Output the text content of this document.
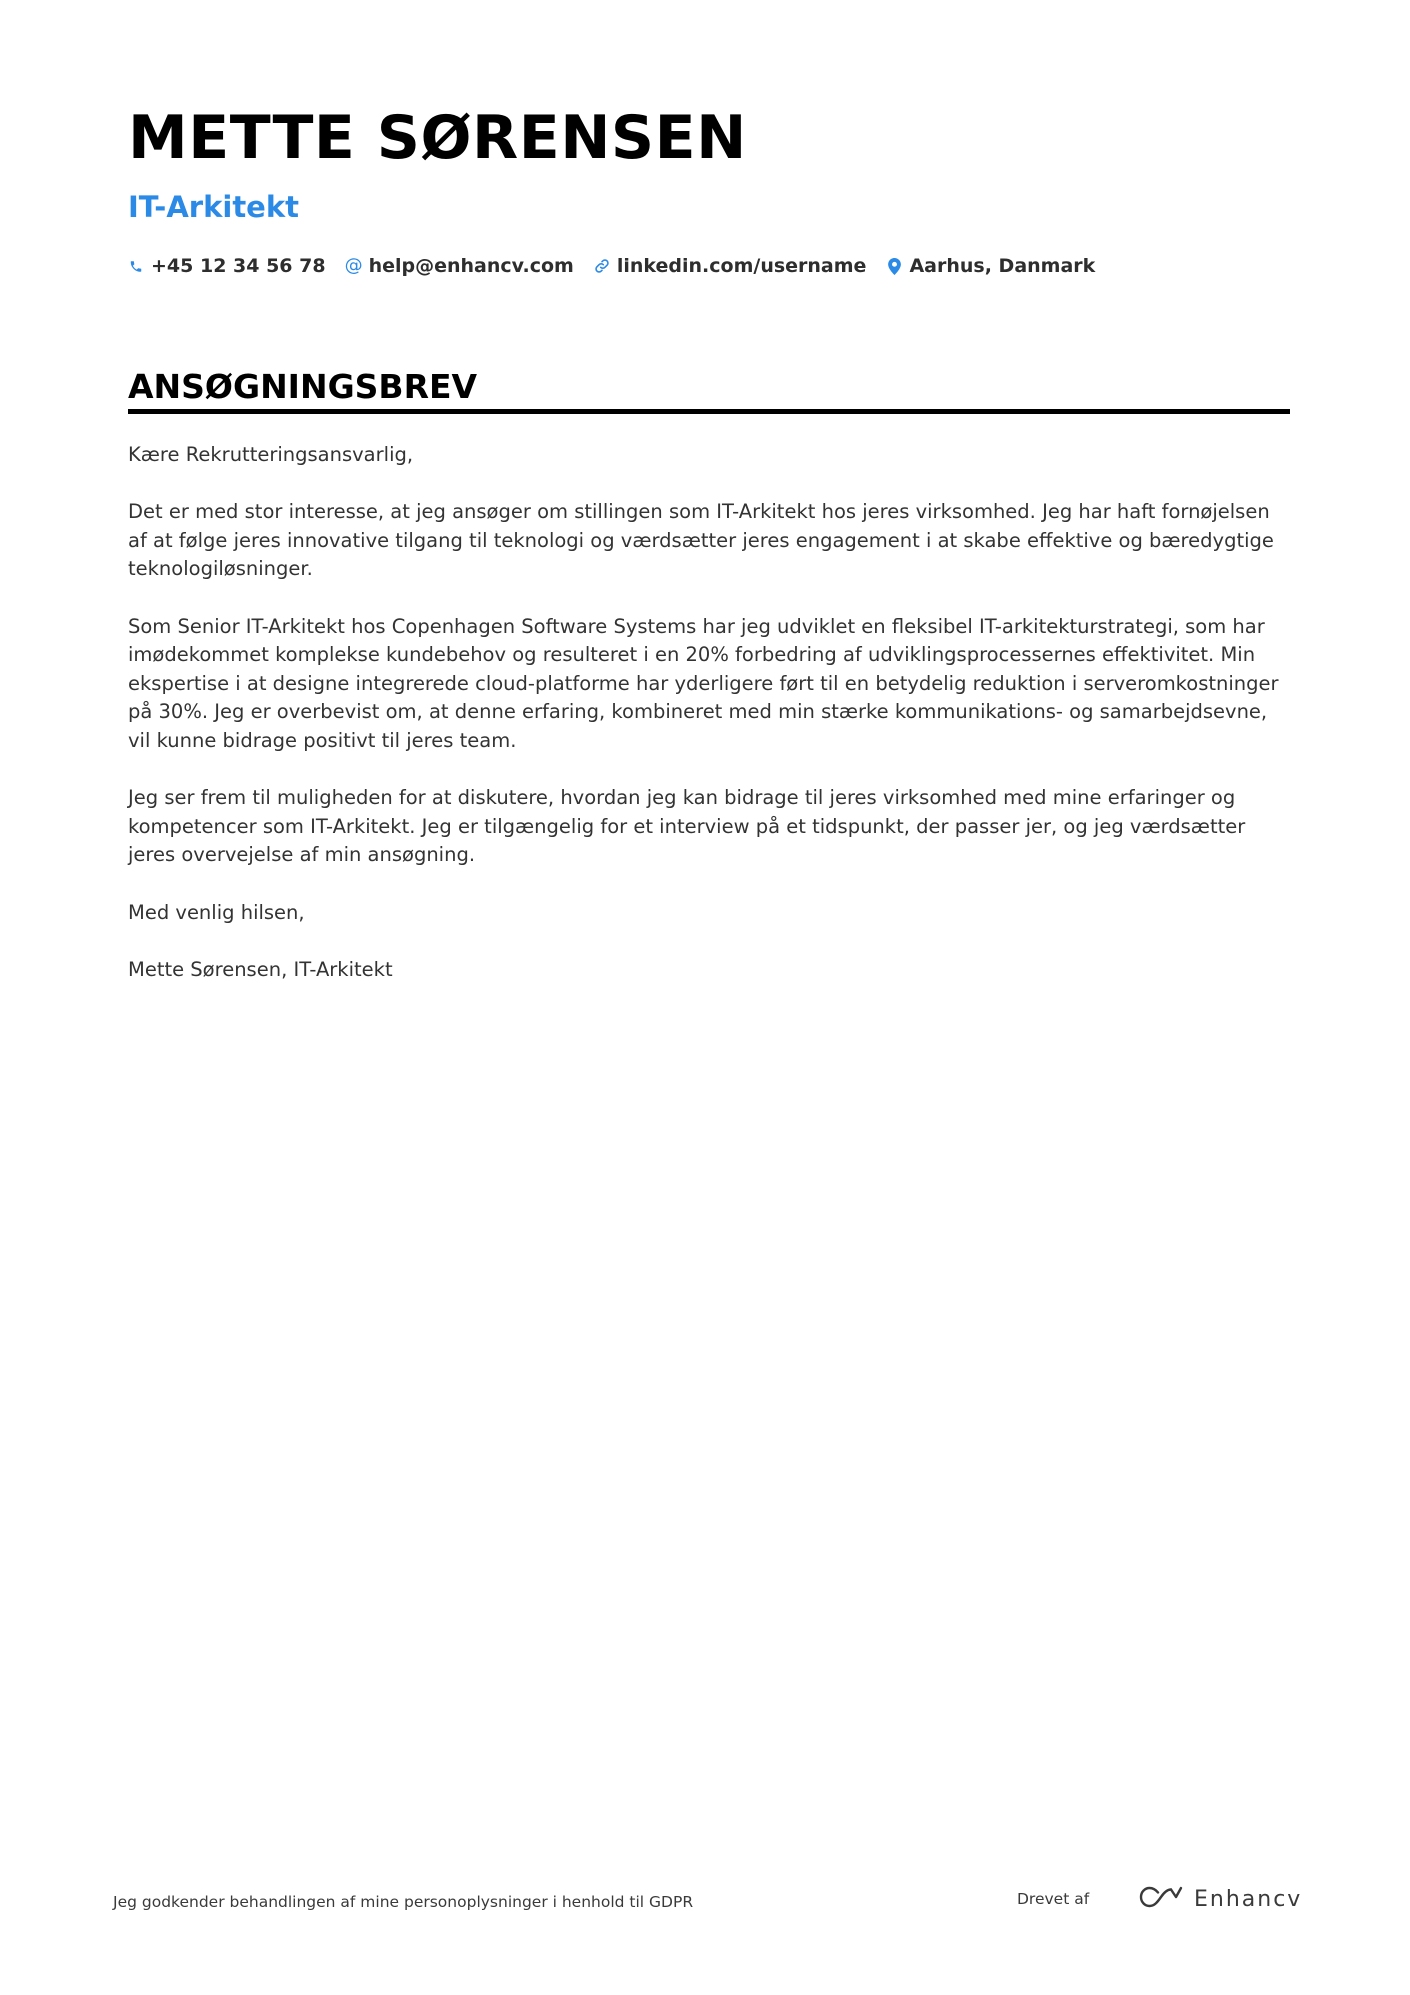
METTE SØRENSEN
IT-Arkitekt
+45 12 34 56 78 @ help@enhancv.com linkedin.com/username Aarhus, Danmark
ANSØGNINGSBREV

Kære Rekrutteringsansvarlig,

Det er med stor interesse, at jeg ansøger om stillingen som IT-Arkitekt hos jeres virksomhed. Jeg har haft fornøjelsen af at følge jeres innovative tilgang til teknologi og værdsætter jeres engagement i at skabe effektive og bæredygtige teknologiløsninger.

Som Senior IT-Arkitekt hos Copenhagen Software Systems har jeg udviklet en fleksibel IT-arkitekturstrategi, som har imødekommet komplekse kundebehov og resulteret i en 20% forbedring af udviklingsprocessernes effektivitet. Min ekspertise i at designe integrerede cloud-platforme har yderligere ført til en betydelig reduktion i serveromkostninger på 30%. Jeg er overbevist om, at denne erfaring, kombineret med min stærke kommunikations- og samarbejdsevne, vil kunne bidrage positivt til jeres team.

Jeg ser frem til muligheden for at diskutere, hvordan jeg kan bidrage til jeres virksomhed med mine erfaringer og kompetencer som IT-Arkitekt. Jeg er tilgængelig for et interview på et tidspunkt, der passer jer, og jeg værdsætter jeres overvejelse af min ansøgning.

Med venlig hilsen,

Mette Sørensen, IT-Arkitekt

Jeg godkender behandlingen af mine personoplysninger i henhold til GDPR	Drevet af	Enhancv
